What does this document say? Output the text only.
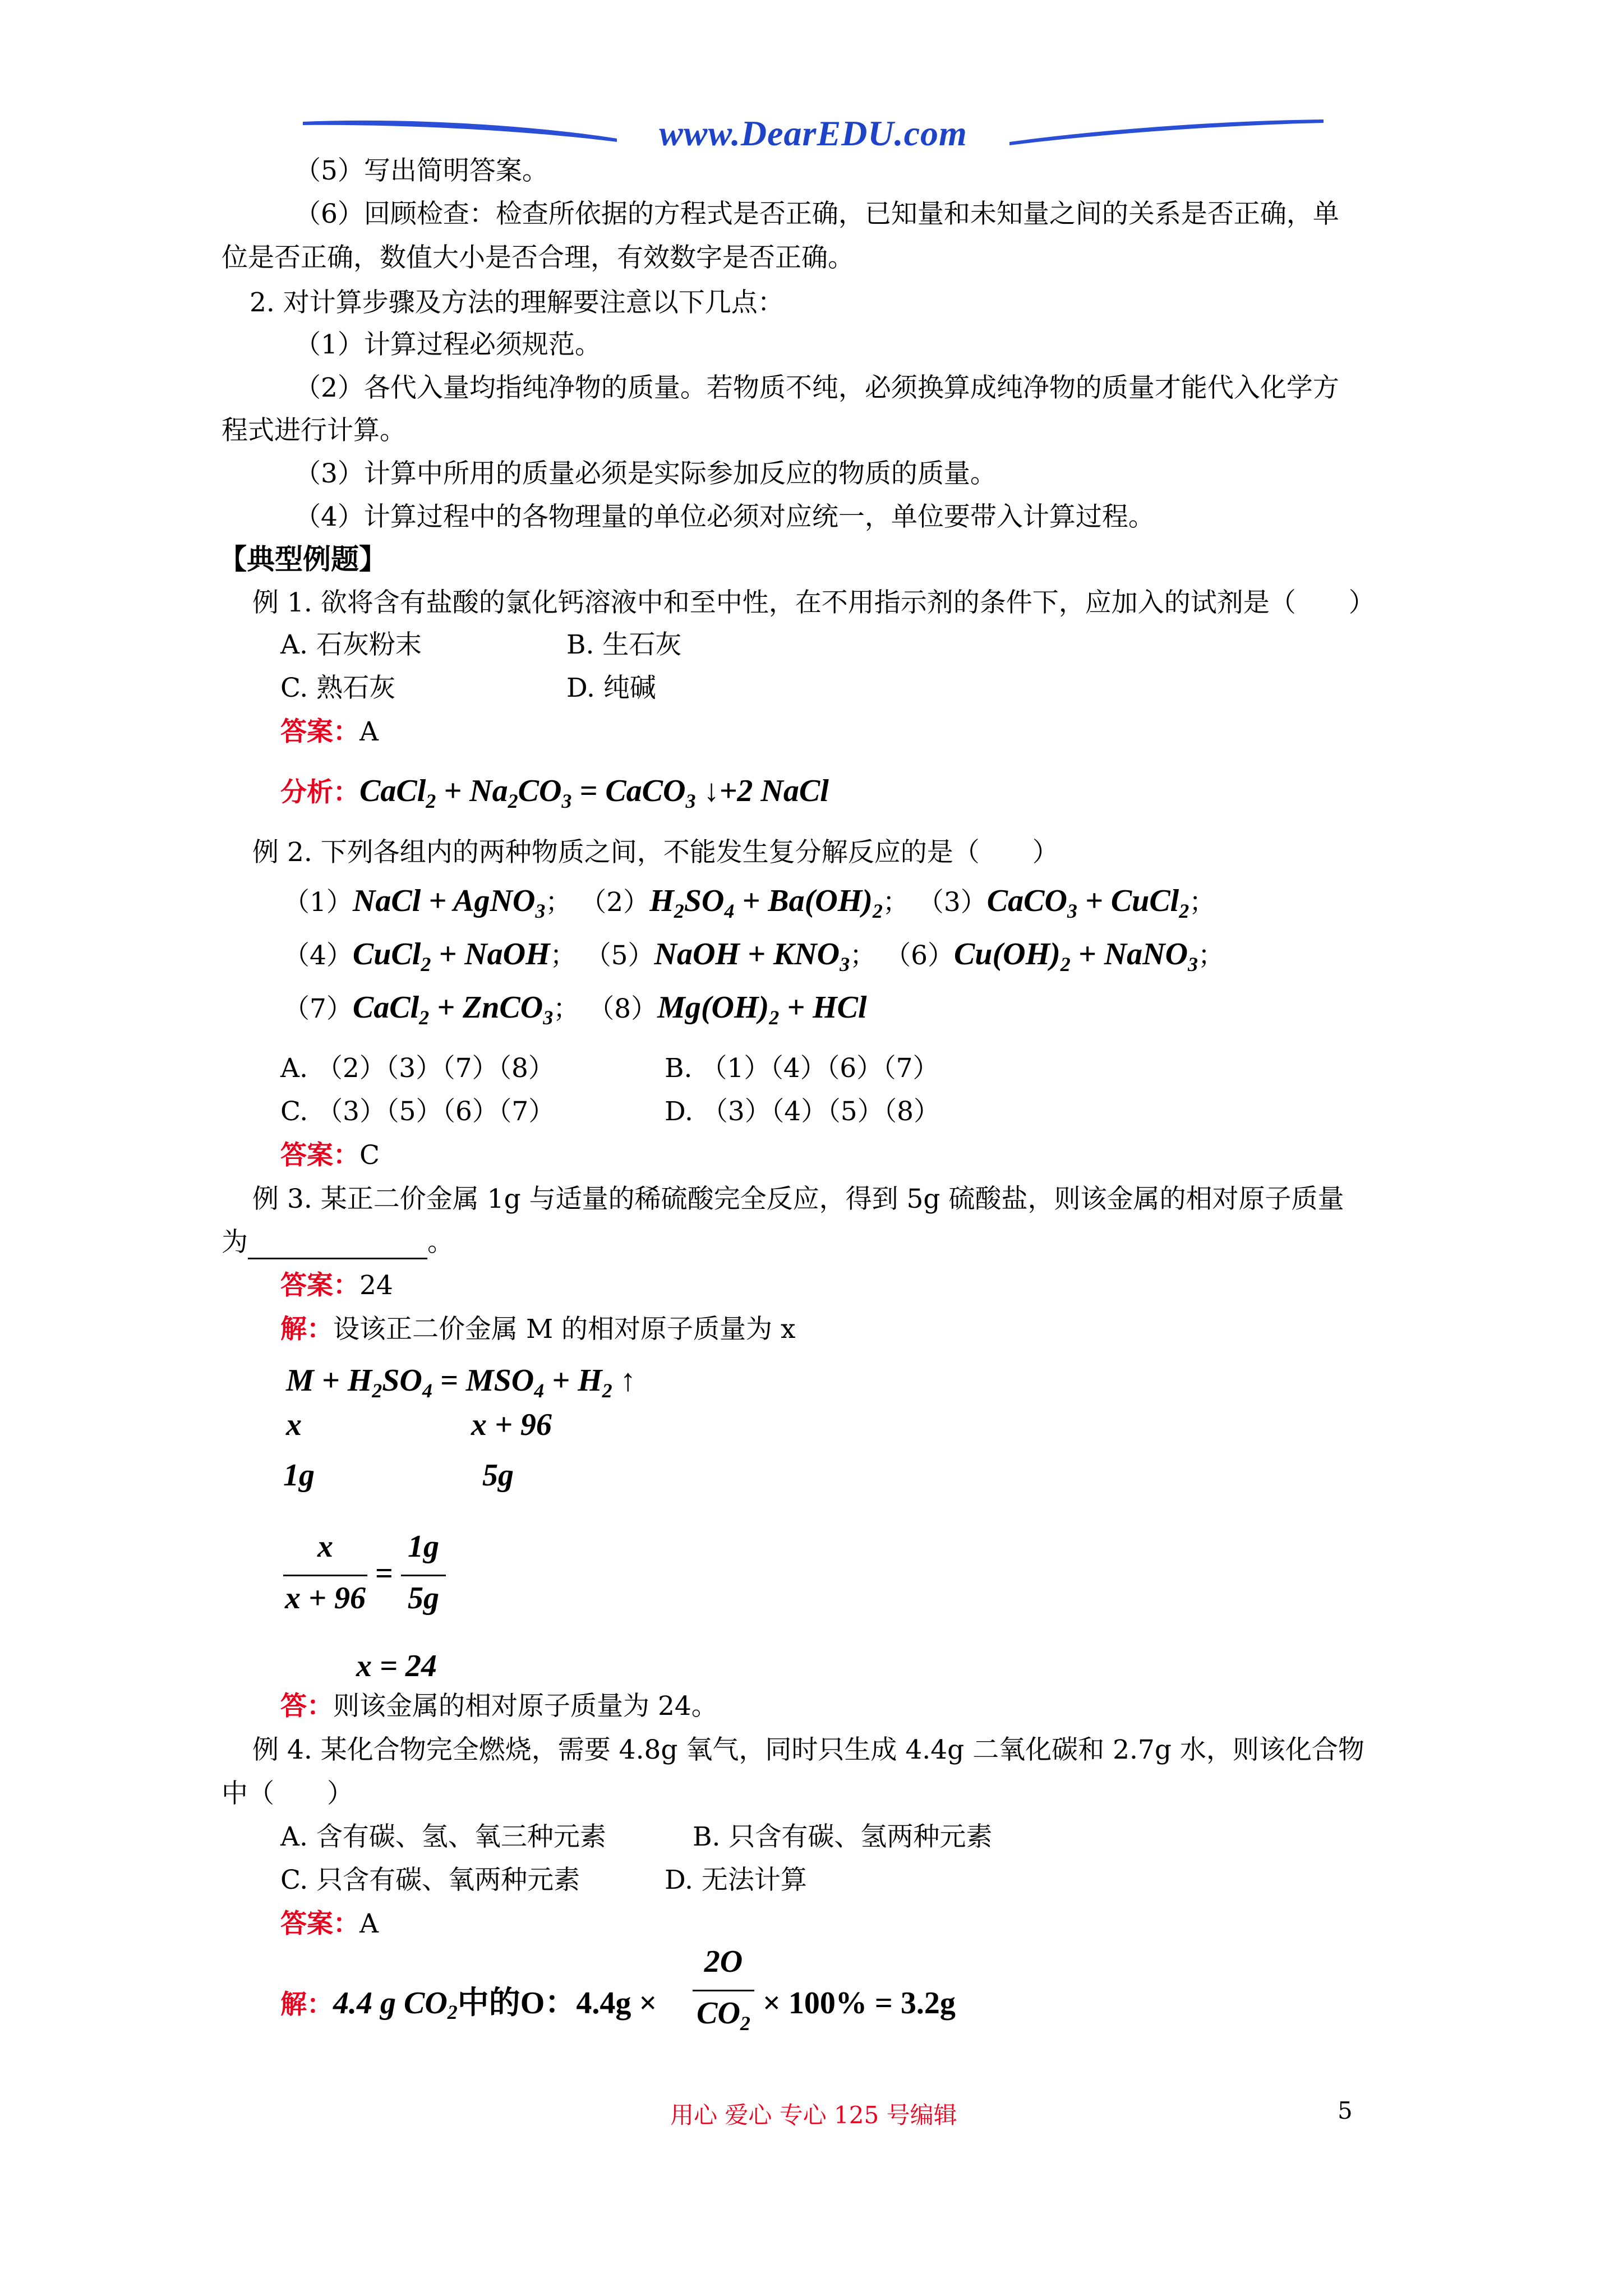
www.DearEDU.com
（5）写出简明答案。
（6）回顾检查：检查所依据的方程式是否正确，已知量和未知量之间的关系是否正确，单
位是否正确，数值大小是否合理，有效数字是否正确。
2. 对计算步骤及方法的理解要注意以下几点：
（1）计算过程必须规范。
（2）各代入量均指纯净物的质量。若物质不纯，必须换算成纯净物的质量才能代入化学方
程式进行计算。
（3）计算中所用的质量必须是实际参加反应的物质的质量。
（4）计算过程中的各物理量的单位必须对应统一，单位要带入计算过程。
【典型例题】
例 1. 欲将含有盐酸的氯化钙溶液中和至中性，在不用指示剂的条件下，应加入的试剂是（　　）
A. 石灰粉末	B. 生石灰
C. 熟石灰	D. 纯碱
答案：A
分析：CaCl$_2$ + $Na_2CO_3$ = CaCO$_3$ ↓+2 NaCl
例 2. 下列各组内的两种物质之间，不能发生复分解反应的是（　　）
（1）NaCl + AgNO$_3$； $(2)H_2SO_4 + Ba(OH)_2$； （3）CaCO$_3$ + CuCl$_2$；
（4）CuCl$_2$ + NaOH； （5）NaOH + $KNO_3$； $(6)Cu(OH)_2$ + NaNO$_3$；
（7）CaCl$_2$ + ZnCO$_3$； $(8)Mg(OH)_2$ + HCl
A. （2）（3）（7）（8）	B. （1）（4）（6）（7）
C. （3）（5）（6）（7）	D. （3）（4）（5）（8）
答案：C
例 3. 某正二价金属 1g 与适量的稀硫酸完全反应，得到 5g 硫酸盐，则该金属的相对原子质量
为	。
答案：24
解：设该正二价金属 M 的相对原子质量为 x
$M + H_2SO_4 = MSO_4 + H_2$ ↑
x	x + 96
1g	5g
x
x + 96
=
1g
5g
x = 24
答：则该金属的相对原子质量为 24。
例 4. 某化合物完全燃烧，需要 4.8g 氧气，同时只生成 4.4g 二氧化碳和 2.7g 水，则该化合物
中（　　）
A. 含有碳、氢、氧三种元素	B. 只含有碳、氢两种元素
C. 只含有碳、氧两种元素	D. 无法计算
答案：A
解：4.4 g $CO_2$中的O：4.4g ×
2O
$CO_2$
× 100% = 3.2g
用心 爱心 专心 125 号编辑	5
